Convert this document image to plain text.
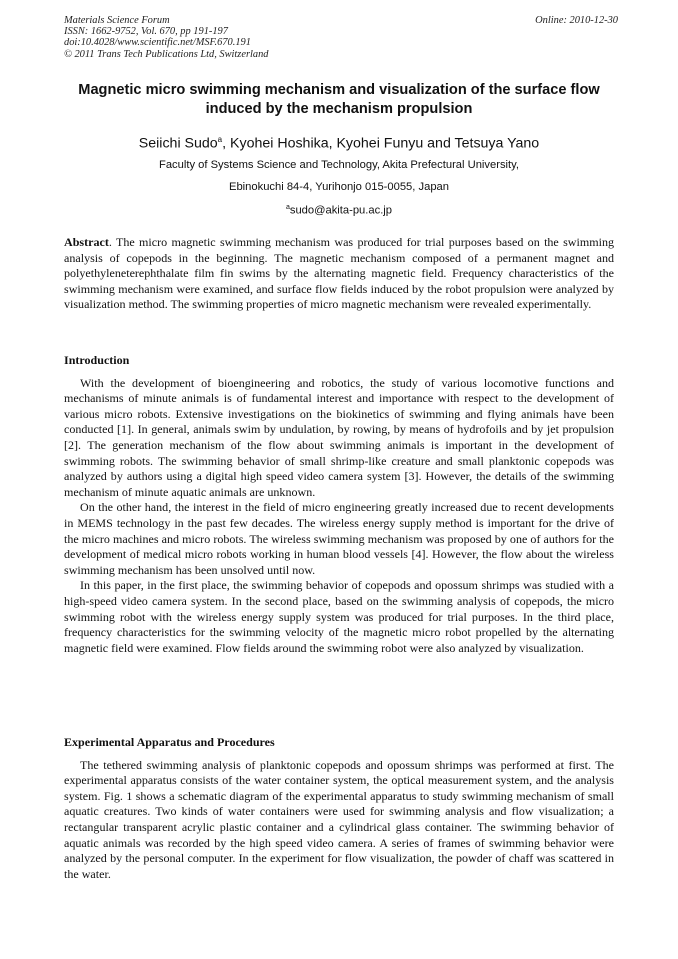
Materials Science Forum
ISSN: 1662-9752, Vol. 670, pp 191-197
doi:10.4028/www.scientific.net/MSF.670.191
© 2011 Trans Tech Publications Ltd, Switzerland
Online: 2010-12-30
Magnetic micro swimming mechanism and visualization of the surface flow induced by the mechanism propulsion
Seiichi Sudo$^a$, Kyohei Hoshika, Kyohei Funyu and Tetsuya Yano
Faculty of Systems Science and Technology, Akita Prefectural University,
Ebinokuchi 84-4, Yurihonjo 015-0055, Japan
$^a$sudo@akita-pu.ac.jp

Abstract. The micro magnetic swimming mechanism was produced for trial purposes based on the swimming analysis of copepods in the beginning. The magnetic mechanism composed of a permanent magnet and polyethyleneterephthalate film fin swims by the alternating magnetic field. Frequency characteristics of the swimming mechanism were examined, and surface flow fields induced by the robot propulsion were analyzed by visualization method. The swimming properties of micro magnetic mechanism were revealed experimentally.

Introduction

With the development of bioengineering and robotics, the study of various locomotive functions and mechanisms of minute animals is of fundamental interest and importance with respect to the development of various micro robots. Extensive investigations on the biokinetics of swimming and flying animals have been conducted [1]. In general, animals swim by undulation, by rowing, by means of hydrofoils and by jet propulsion [2]. The generation mechanism of the flow about swimming animals is important in the development of swimming robots. The swimming behavior of small shrimp-like creature and small planktonic copepods was analyzed by authors using a digital high speed video camera system [3]. However, the details of the swimming mechanism of minute aquatic animals are unknown.

On the other hand, the interest in the field of micro engineering greatly increased due to recent developments in MEMS technology in the past few decades. The wireless energy supply method is important for the drive of the micro machines and micro robots. The wireless swimming mechanism was proposed by one of authors for the development of medical micro robots working in human blood vessels [4]. However, the flow about the wireless swimming mechanism has been unsolved until now.

In this paper, in the first place, the swimming behavior of copepods and opossum shrimps was studied with a high-speed video camera system. In the second place, based on the swimming analysis of copepods, the micro swimming robot with the wireless energy supply system was produced for trial purposes. In the third place, frequency characteristics for the swimming velocity of the magnetic micro robot propelled by the alternating magnetic field were examined. Flow fields around the swimming robot were also analyzed by visualization.

Experimental Apparatus and Procedures

The tethered swimming analysis of planktonic copepods and opossum shrimps was performed at first. The experimental apparatus consists of the water container system, the optical measurement system, and the analysis system. Fig. 1 shows a schematic diagram of the experimental apparatus to study swimming mechanism of small aquatic creatures. Two kinds of water containers were used for swimming analysis and flow visualization; a rectangular transparent acrylic plastic container and a cylindrical glass container. The swimming behavior of aquatic animals was recorded by the high speed video camera. A series of frames of swimming behavior were analyzed by the personal computer. In the experiment for flow visualization, the powder of chaff was scattered in the water.
